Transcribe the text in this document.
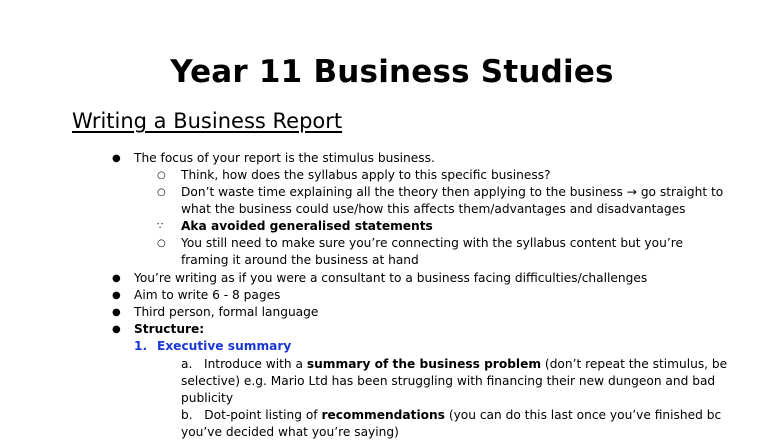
Year 11 Business Studies
Writing a Business Report
● The focus of your report is the stimulus business.
○ Think, how does the syllabus apply to this specific business?
○ Don’t waste time explaining all the theory then applying to the business → go straight to
what the business could use/how this affects them/advantages and disadvantages
∵ Aka avoided generalised statements
○ You still need to make sure you’re connecting with the syllabus content but you’re
framing it around the business at hand
● You’re writing as if you were a consultant to a business facing difficulties/challenges
● Aim to write 6 - 8 pages
● Third person, formal language
● Structure:
1. Executive summary
a. Introduce with a summary of the business problem (don’t repeat the stimulus, be
selective) e.g. Mario Ltd has been struggling with financing their new dungeon and bad
publicity
b. Dot-point listing of recommendations (you can do this last once you’ve finished bc
you’ve decided what you’re saying)
